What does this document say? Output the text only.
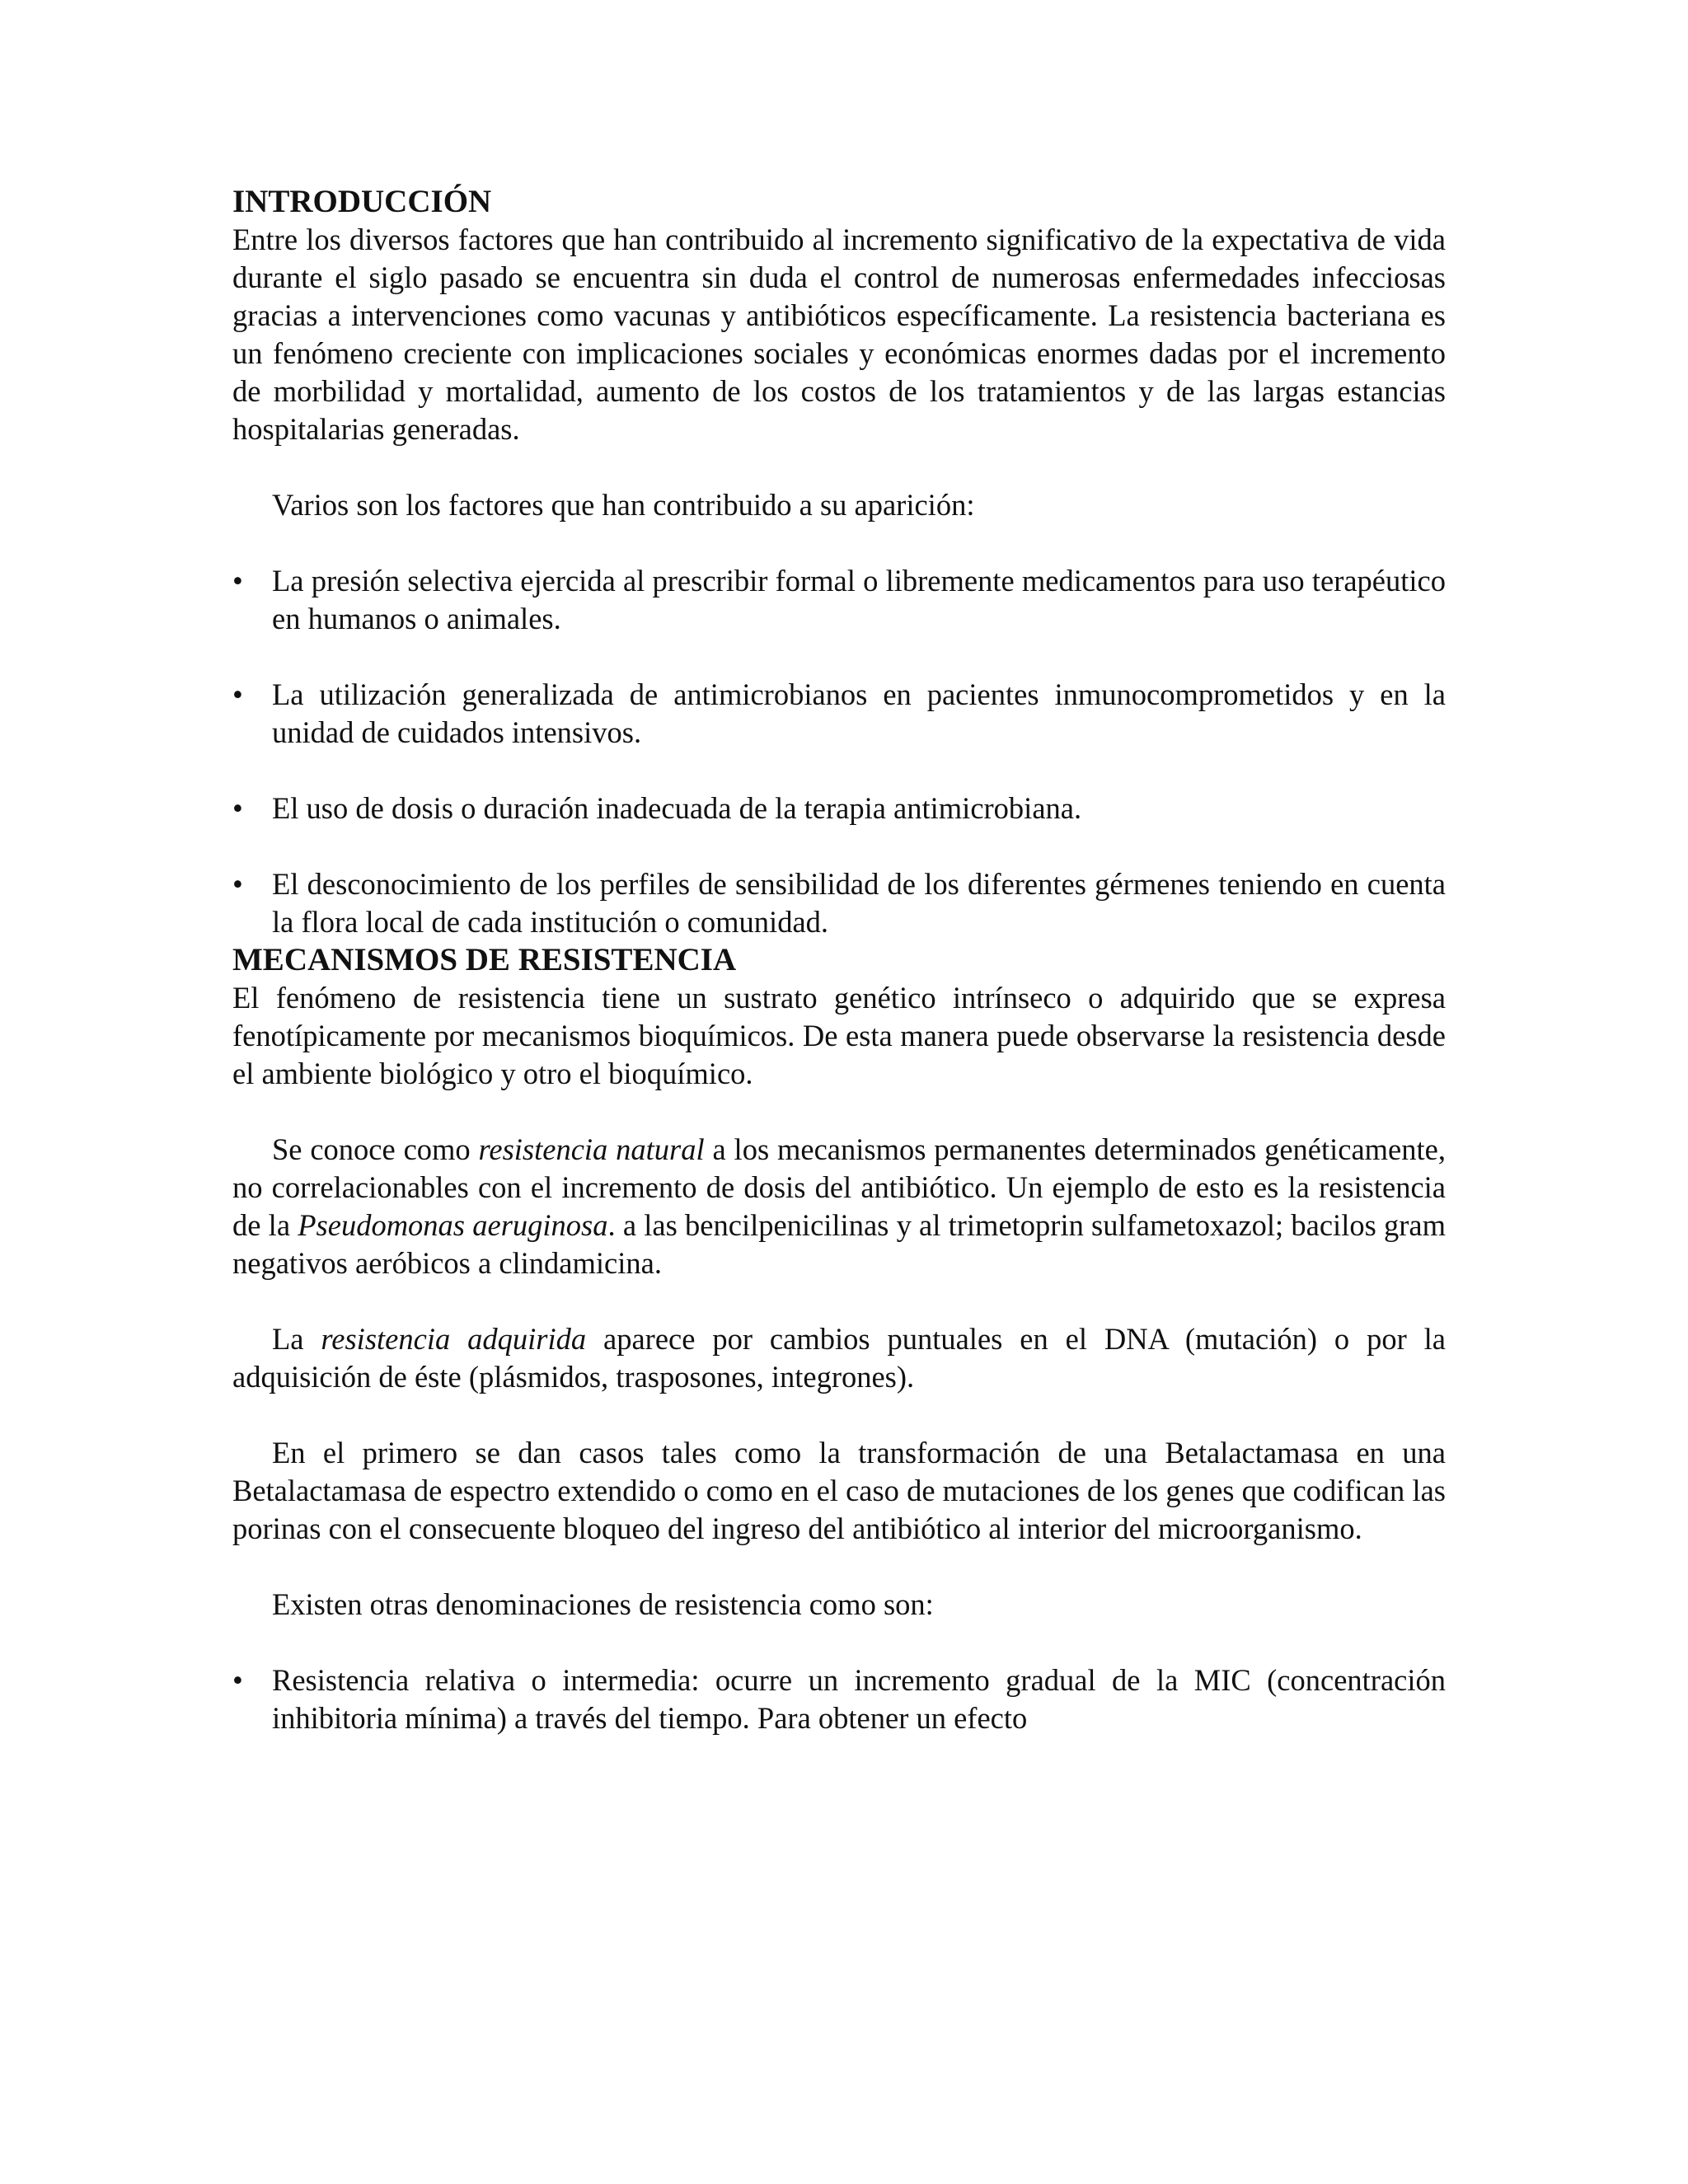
INTRODUCCIÓN

Entre los diversos factores que han contribuido al incremento significativo de la expectativa de vida durante el siglo pasado se encuentra sin duda el control de numerosas enfermedades infecciosas gracias a intervenciones como vacunas y antibióticos específicamente. La resistencia bacteriana es un fenómeno creciente con implicaciones sociales y económicas enormes dadas por el incremento de morbilidad y mortalidad, aumento de los costos de los tratamientos y de las largas estancias hospitalarias generadas.

Varios son los factores que han contribuido a su aparición:

• La presión selectiva ejercida al prescribir formal o libremente medicamentos para uso terapéutico en humanos o animales.
• La utilización generalizada de antimicrobianos en pacientes inmunocomprometidos y en la unidad de cuidados intensivos.
• El uso de dosis o duración inadecuada de la terapia antimicrobiana.
• El desconocimiento de los perfiles de sensibilidad de los diferentes gérmenes teniendo en cuenta la flora local de cada institución o comunidad.
MECANISMOS DE RESISTENCIA

El fenómeno de resistencia tiene un sustrato genético intrínseco o adquirido que se expresa fenotípicamente por mecanismos bioquímicos. De esta manera puede observarse la resistencia desde el ambiente biológico y otro el bioquímico.

Se conoce como resistencia natural a los mecanismos permanentes determinados genéticamente, no correlacionables con el incremento de dosis del antibiótico. Un ejemplo de esto es la resistencia de la Pseudomonas aeruginosa. a las bencilpenicilinas y al trimetoprin sulfametoxazol; bacilos gram negativos aeróbicos a clindamicina.

La resistencia adquirida aparece por cambios puntuales en el DNA (mutación) o por la adquisición de éste (plásmidos, trasposones, integrones).

En el primero se dan casos tales como la transformación de una Betalactamasa en una Betalactamasa de espectro extendido o como en el caso de mutaciones de los genes que codifican las porinas con el consecuente bloqueo del ingreso del antibiótico al interior del microorganismo.

Existen otras denominaciones de resistencia como son:

• Resistencia relativa o intermedia: ocurre un incremento gradual de la MIC (concentración inhibitoria mínima) a través del tiempo. Para obtener un efecto
